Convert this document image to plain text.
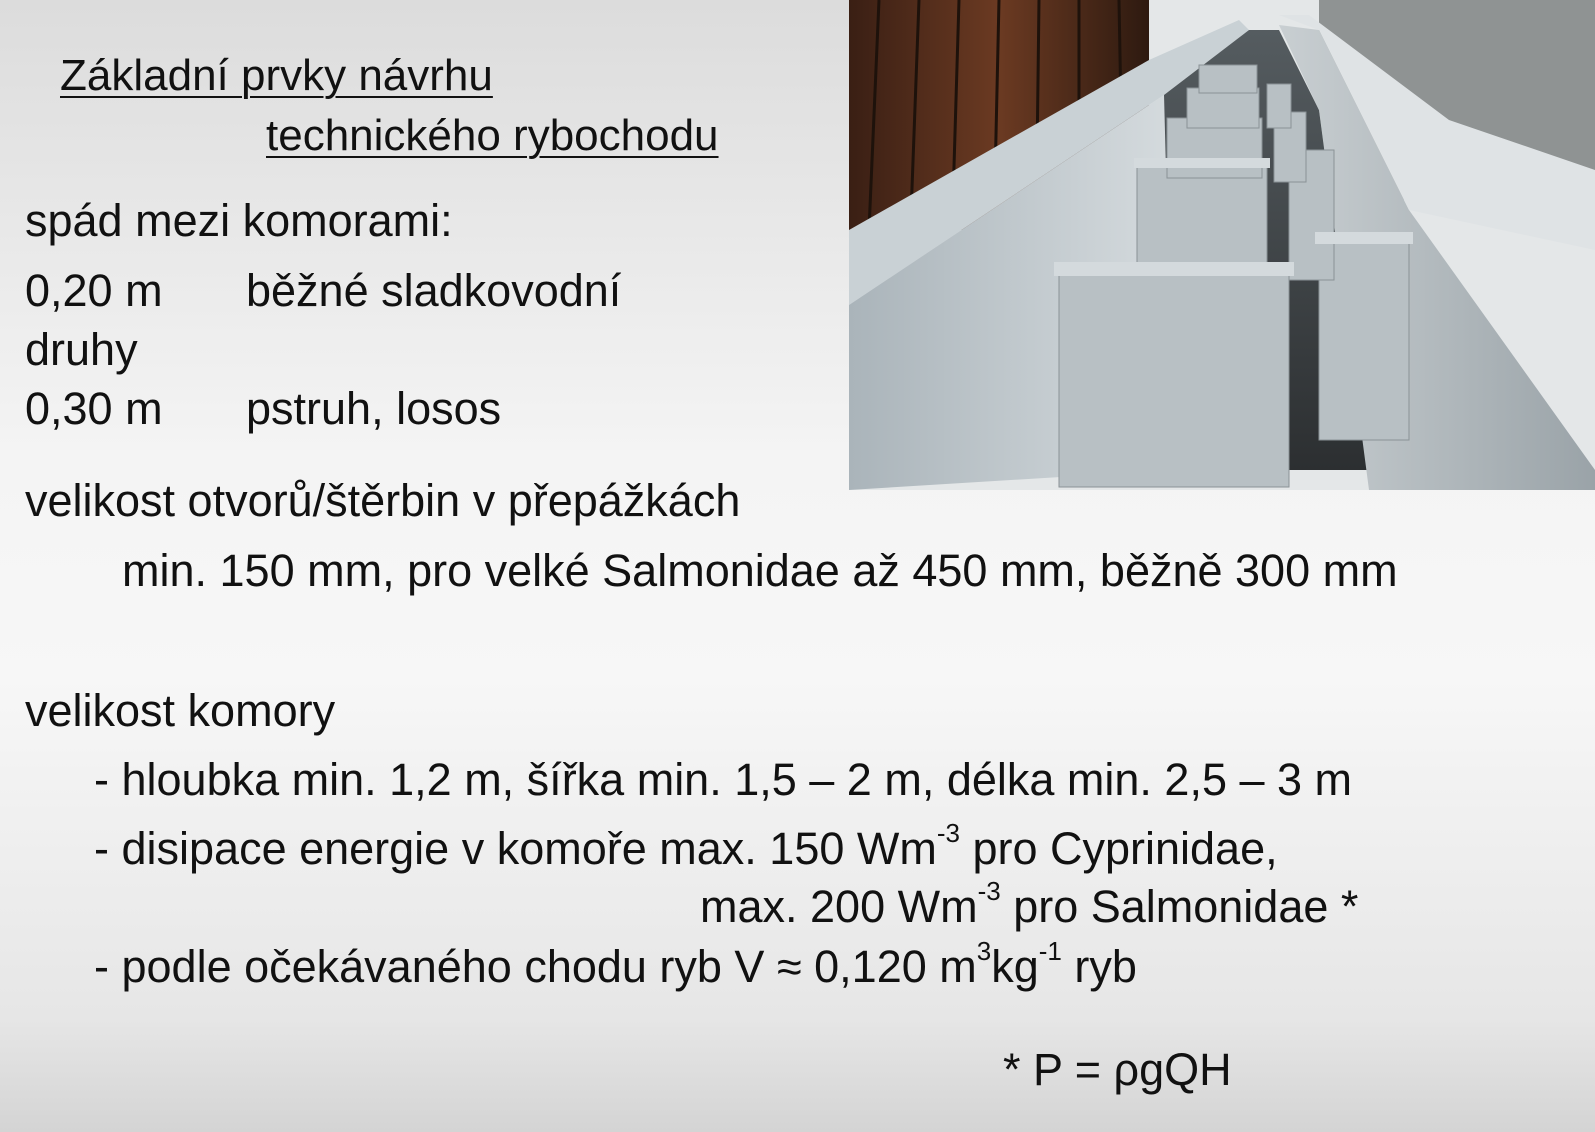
Základní prvky návrhu
technického rybochodu
spád mezi komorami:
0,20 m běžné sladkovodní
druhy
0,30 m pstruh, losos
velikost otvorů/štěrbin v přepážkách
min. 150 mm, pro velké Salmonidae až 450 mm, běžně 300 mm
velikost komory
- hloubka min. 1,2 m, šířka min. 1,5 – 2 m, délka min. 2,5 – 3 m
- disipace energie v komoře max. 150 $Wm^{-3}$ pro Cyprinidae,
max. 200 $Wm^{-3}$ pro Salmonidae *
- podle očekávaného chodu ryb V ≈ 0,120 $m^3kg^{-1}$ ryb
* P = ρgQH
